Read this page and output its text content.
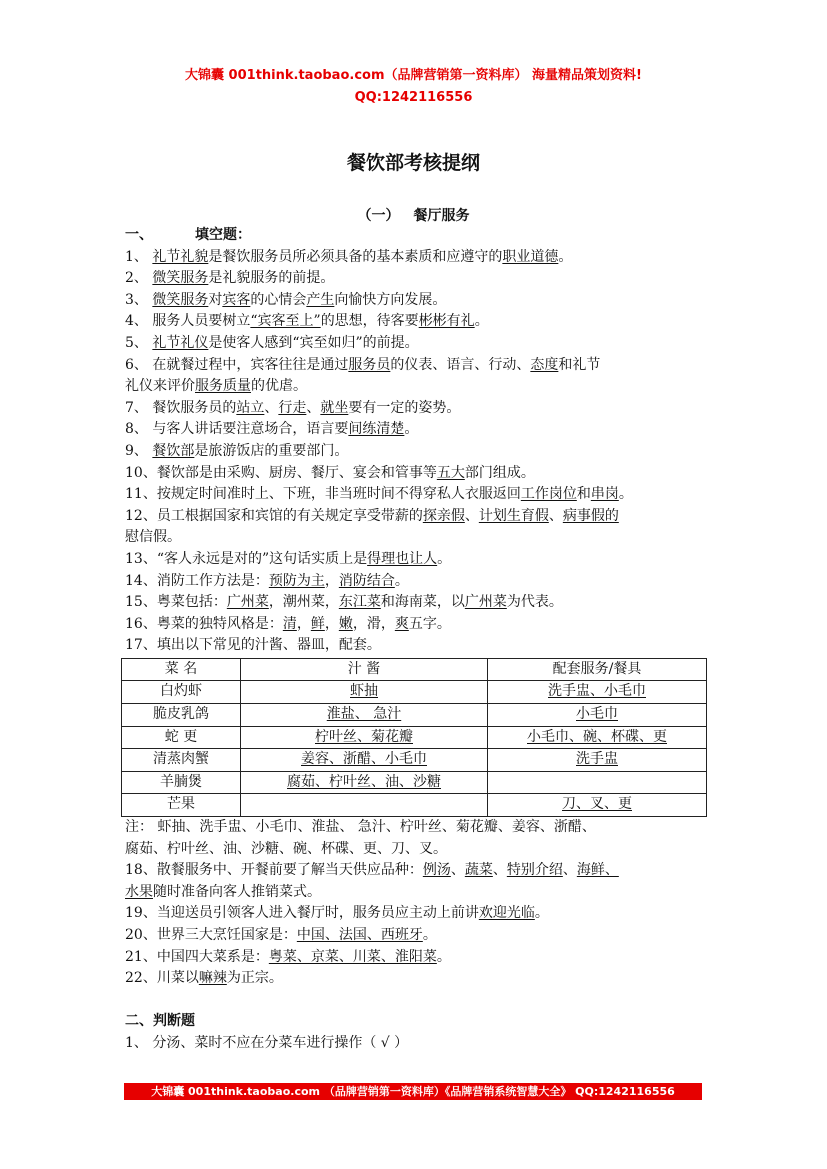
大锦囊 001think.taobao.com（品牌营销第一资料库） 海量精品策划资料!
QQ:1242116556
餐饮部考核提纲
（一） 餐厅服务
一、	填空题：
1、 礼节礼貌是餐饮服务员所必须具备的基本素质和应遵守的职业道德。
2、 微笑服务是礼貌服务的前提。
3、 微笑服务对宾客的心情会产生向愉快方向发展。
4、 服务人员要树立“宾客至上”的思想，待客要彬彬有礼。
5、 礼节礼仪是使客人感到“宾至如归”的前提。
6、 在就餐过程中，宾客往往是通过服务员的仪表、语言、行动、态度和礼节
礼仪来评价服务质量的优虐。
7、 餐饮服务员的站立、行走、就坐要有一定的姿势。
8、 与客人讲话要注意场合，语言要间练清楚。
9、 餐饮部是旅游饭店的重要部门。
10、餐饮部是由采购、厨房、餐厅、宴会和管事等五大部门组成。
11、按规定时间准时上、下班，非当班时间不得穿私人衣服返回工作岗位和串岗。
12、员工根据国家和宾馆的有关规定享受带薪的探亲假、计划生育假、病事假的
慰信假。
13、“客人永远是对的”这句话实质上是得理也让人。
14、消防工作方法是：预防为主，消防结合。
15、粤菜包括：广州菜，潮州菜，东江菜和海南菜，以广州菜为代表。
16、粤菜的独特风格是：清，鲜，嫩，滑，爽五字。
17、填出以下常见的汁酱、器皿，配套。
菜 名	汁 酱	配套服务/餐具
白灼虾	虾抽	洗手盅、小毛巾
脆皮乳鸽	淮盐、 急汁	小毛巾
蛇 更	柠叶丝、菊花瓣	小毛巾、碗、杯碟、更
清蒸肉蟹	姜容、浙醋、小毛巾	洗手盅
羊腩煲	腐茹、柠叶丝、油、沙糖	
芒果		刀、叉、更
注： 虾抽、洗手盅、小毛巾、淮盐、 急汁、柠叶丝、菊花瓣、姜容、浙醋、
腐茹、柠叶丝、油、沙糖、碗、杯碟、更、刀、叉。
18、散餐服务中、开餐前要了解当天供应品种：例汤、蔬菜、特别介绍、海鲜、
水果随时准备向客人推销菜式。
19、当迎送员引领客人进入餐厅时，服务员应主动上前讲欢迎光临。
20、世界三大烹饪国家是：中国、法国、西班牙。
21、中国四大菜系是：粤菜、京菜、川菜、淮阳菜。
22、川菜以嘛辣为正宗。
二、判断题
1、 分汤、菜时不应在分菜车进行操作（ √ ）
大锦囊 001think.taobao.com （品牌营销第一资料库）《品牌营销系统智慧大全》 QQ:1242116556
